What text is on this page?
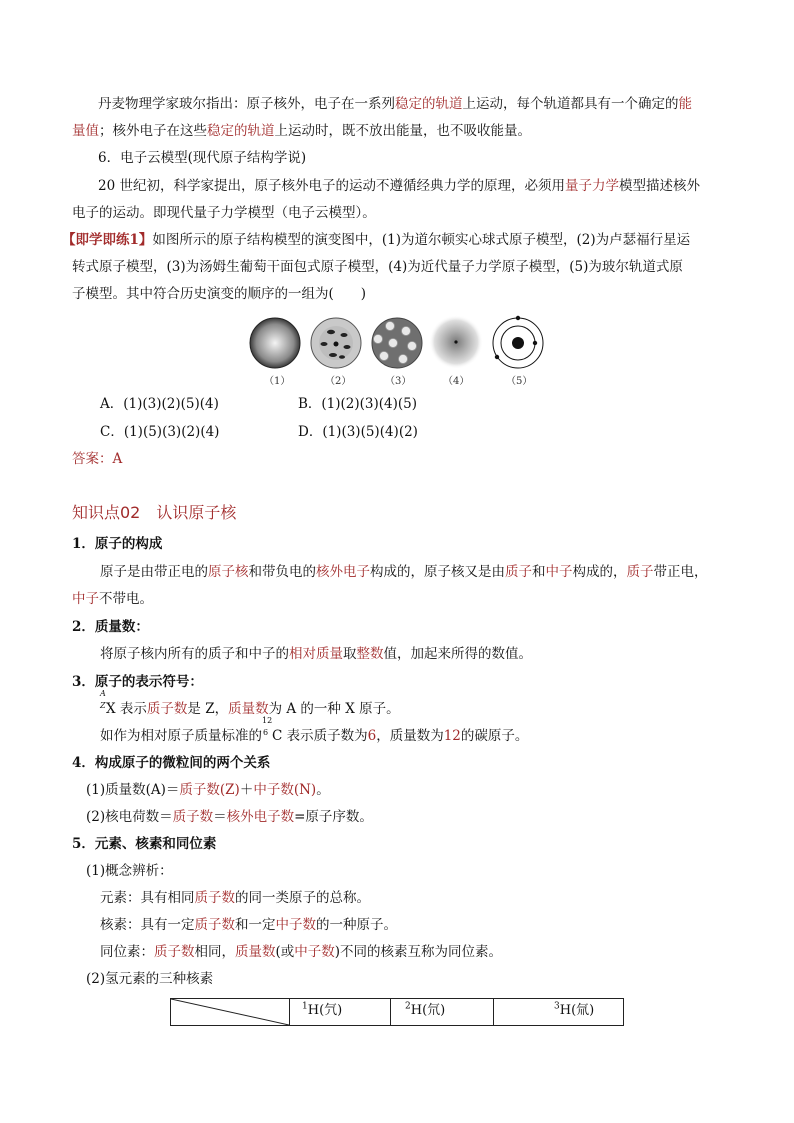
丹麦物理学家玻尔指出：原子核外，电子在一系列稳定的轨道上运动，每个轨道都具有一个确定的能
量值；核外电子在这些稳定的轨道上运动时，既不放出能量，也不吸收能量。
6．电子云模型(现代原子结构学说)
20 世纪初，科学家提出，原子核外电子的运动不遵循经典力学的原理，必须用量子力学模型描述核外
电子的运动。即现代量子力学模型（电子云模型）。
【即学即练1】如图所示的原子结构模型的演变图中，(1)为道尔顿实心球式原子模型，(2)为卢瑟福行星运
转式原子模型，(3)为汤姆生葡萄干面包式原子模型，(4)为近代量子力学原子模型，(5)为玻尔轨道式原
子模型。其中符合历史演变的顺序的一组为(　　)
（1）	（2）	（3）	（4）	（5）
A．(1)(3)(2)(5)(4)	B．(1)(2)(3)(4)(5)
C．(1)(5)(3)(2)(4)	D．(1)(3)(5)(4)(2)
答案：A
知识点02　认识原子核
1．原子的构成
原子是由带正电的原子核和带负电的核外电子构成的，原子核又是由质子和中子构成的，质子带正电，
中子不带电。
2．质量数：
将原子核内所有的质子和中子的相对质量取整数值，加起来所得的数值。
3．原子的表示符号：
A
Z X 表示质子数是 Z，质量数为 A 的一种 X 原子。
如作为相对原子质量标准的
12
6 C 表示质子数为6，质量数为12的碳原子。
4．构成原子的微粒间的两个关系
(1)质量数(A)＝质子数(Z)＋中子数(N)。
(2)核电荷数＝质子数＝核外电子数=原子序数。
5．元素、核素和同位素
(1)概念辨析：
元素：具有相同质子数的同一类原子的总称。
核素：具有一定质子数和一定中子数的一种原子。
同位素：质子数相同，质量数(或中子数)不同的核素互称为同位素。
(2)氢元素的三种核素
	$^1$H(氕)	$^2$H(氘)	$^3$H(氚)
